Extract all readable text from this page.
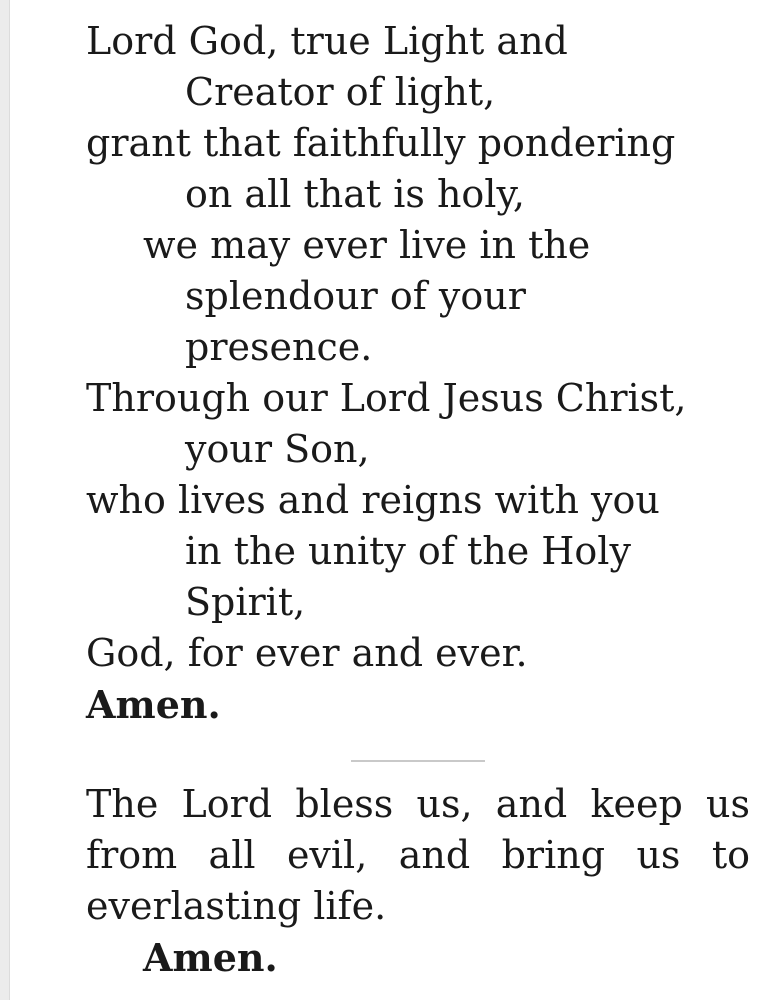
Lord God, true Light and
Creator of light,
grant that faithfully pondering
on all that is holy,
we may ever live in the
splendour of your
presence.
Through our Lord Jesus Christ,
your Son,
who lives and reigns with you
in the unity of the Holy
Spirit,
God, for ever and ever.
Amen.
The Lord bless us, and keep us from all evil, and bring us to everlasting life.
Amen.
